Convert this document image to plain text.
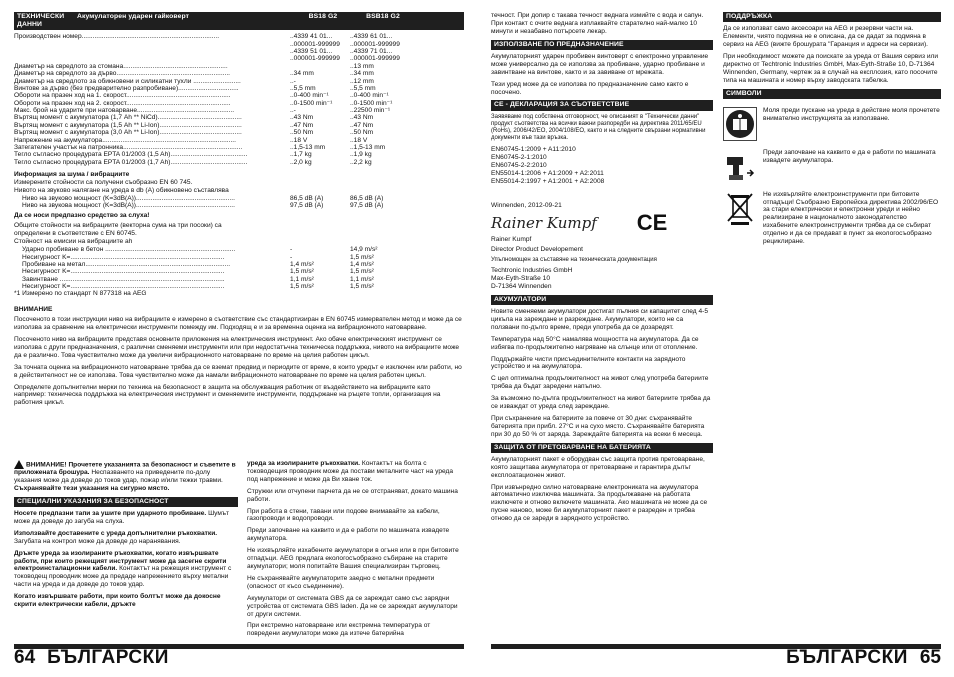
ТЕХНИЧЕСКИ ДАННИ
Акумулаторен ударен гайковерт	BS18 G2	BSB18 G2
Производствен номер...........................................................................	..4339 41 01...	..4339 61 01...
..000001-999999	..000001-999999
..4339 51 01...	..4339 71 01...
..000001-999999	..000001-999999
Диаметър на свредлото за стомана.........................................................	..13 mm
Диаметър на свредлото за дърво..............................................................	..34 mm	..34 mm
Диаметър на свредлото за обикновени и силикатни тухли ..........................	..-	..12 mm
Винтове за дърво (без предварително разпробиване).................................	..5,5 mm	..5,5 mm
Обороти на празен ход на 1. скорост.........................................................	..0-400 min⁻¹	..0-400 min⁻¹
Обороти на празен ход на 2. скорост.........................................................	..0-1500 min⁻¹	..0-1500 min⁻¹
Макс. брой на ударите при натоварване.....................................................	..-	..22500 min⁻¹
Въртящ момент с акумулатора (1,7 Ah ** NiCd)..............................................	..43 Nm	..43 Nm
Въртящ момент с акумулатора (1,5 Ah ** Li-Ion).............................................	..47 Nm	..47 Nm
Въртящ момент с акумулатора (3,0 Ah ** Li-Ion).............................................	..50 Nm	..50 Nm
Напрежение на акумулатора.........................................................................	..18 V	..18 V
Затегателен участък на патронника.................................................................	..1,5-13 mm	..1,5-13 mm
Тегло съгласно процедурата EPTA 01/2003 (1,5 Ah)..........................................	..1,7 kg	..1,9 kg
Тегло съгласно процедурата EPTA 01/2003 (1,7 Ah)..........................................	..2,0 kg	..2,2 kg
Информация за шума / вибрациите
Измерените стойности са получени съобразно EN 60 745.
Нивото на звуково налягане на уреда в db (A) обикновено съставлява
Ниво на звуково мощност (K=3dB(A))......................................................	86,5 dB (A)	86,5 dB (A)
Ниво на звукова мощност (K=3dB(A))......................................................	97,5 dB (A)	97,5 dB (A)
Да се носи предпазно средство за слуха!
Общите стойности на вибрациите (векторна сума на три посоки) са определени в съответствие с EN 60745.
Стойност на емисии на вибрациите ah
Ударно пробиване в бетон .......................................................................	-	14,9 m/s²
Несигурност K=....................................................................................	-	1,5 m/s²
Пробиване на метал...............................................................................	1,4 m/s²	1,4 m/s²
Несигурност K=....................................................................................	1,5 m/s²	1,5 m/s²
Завинтване ..........................................................................................	1,1 m/s²	1,1 m/s²
Несигурност K=....................................................................................	1,5 m/s²	1,5 m/s²
*1 Измерено по стандарт N 877318 на AEG
ВНИМАНИЕ

Посоченото в този инструкции ниво на вибрациите е измерено в съответствие със стандартизиран в EN 60745 измервателен метод и може да се използва за сравнение на електрически инструменти помежду им. Подходящ е и за временна оценка на вибрационното натоварване.

Посоченото ниво на вибрациите представя основните приложения на електрическия инструмент. Ако обаче електрическият инструмент се използва с други предназначения, с различни сменяеми инструменти или при недостатъчна техническа поддръжка, нивото на вибрациите може да е различно. Това чувствително може да увеличи вибрационното натоварване по време на целия работен цикъл.

За точната оценка на вибрационното натоварване трябва да се вземат предвид и периодите от време, в които уредът е изключен или работи, но в действителност не се използва. Това чувствително може да намали вибрационното натоварване по време на целия работен цикъл.

Определете допълнителни мерки по техника на безопасност в защита на обслужващия работник от въздействието на вибрациите като например: техническа поддръжка на електрическия инструмент и сменяемите инструменти, поддържане на ръцете топли, организация на работния цикъл.

ВНИМАНИЕ! Прочетете указанията за безопасност и съветите в приложената брошура. Неспазването на приведените по-долу указания може да доведе до токов удар, пожар и/или тежки травми. Съхранявайте тези указания на сигурно място.

СПЕЦИАЛНИ УКАЗАНИЯ ЗА БЕЗОПАСНОСТ

Носете предпазни тапи за ушите при ударното пробиване. Шумът може да доведе до загуба на слуха.

Използвайте доставените с уреда допълнителни ръкохватки. Загубата на контрол може да доведе до наранявания.

Дръжте уреда за изолираните ръкохватки, когато извършвате работи, при които режещият инструмент може да засегне скрити електроинсталационни кабели. Контактът на режещия инструмент с тоководещ проводник може да предаде напрежението върху метални части на уреда и да доведе до токов удар.

Когато извършвате работи, при които болтът може да докосне скрити електрически кабели, дръжте

уреда за изолираните ръкохватки. Контактът на болта с тоководещия проводник може да постави металните част на уреда под напрежение и може да Ви хване ток.

Стружки или отчупени парчета да не се отстраняват, докато машина работи.

При работа в стени, тавани или подове внимавайте за кабели, газопроводи и водопроводи.

Преди започване на каквито и да е работи по машината извадете акумулатора.

Не изхвърляйте изхабените акумулатори в огъня или в при битовите отпадъци. AEG предлага екологосъобразно събиране на старите акумулатори; моля попитайте Вашия специализиран търговец.

Не съхранявайте акумулаторите заедно с метални предмети (опасност от късо съединение).

Акумулатори от системата GBS да се зареждат само със зарядни устройства от системата GBS laden. Да не се зареждат акумулатори от други системи.

При екстремно натоварване или екстремна температура от повредени акумулатори може да изтече батерийна

течност. При допир с такава течност веднага измийте с вода и сапун. При контакт с очите веднага изплаквайте старателно най-малко 10 минути и незабавно потърсете лекар.

ИЗПОЛЗВАНЕ ПО ПРЕДНАЗНАЧЕНИЕ

Акумулаторният ударен пробивен винтоверт с електронно управление може универсално да се използва за пробиване, ударно пробиване и завинтване на винтове, както и за завиване от мрежата.

Тези уред може да се използва по предназначение само както е посочено.

CE - ДЕКЛАРАЦИЯ ЗА СЪОТВЕТСТВИЕ

Заявяваме под собствена отговорност, че описаният в "Технически данни" продукт съответства на всички важни разпоредби на директива 2011/65/EU (RoHs), 2006/42/EO, 2004/108/EO, както и на следните свързани нормативни документи във тази връзка.

EN60745-1:2009 + A11:2010
EN60745-2-1:2010
EN60745-2-2:2010
EN55014-1:2006 + A1:2009 + A2:2011
EN55014-2:1997 + A1:2001 + A2:2008
Winnenden, 2012-09-21
Rainer Kumpf CE
Rainer Kumpf
Director Product Developement
Упълномощен за съставяне на техническата документация
Techtronic Industries GmbH
Max-Eyth-Straße 10
D-71364 Winnenden
АКУМУЛАТОРИ

Новите сменяеми акумулатори достигат пълния си капацитет след 4-5 цикъла на зареждане и разреждане. Акумулатори, които не са ползвани по-дълго време, преди употреба да се дозаредят.

Температура над 50°C намалява мощността на акумулатора. Да се избягва по-продължително нагряване на слънце или от отопление.

Поддържайте чисти присъединителните контакти на зарядното устройство и на акумулатора.

С цел оптимална продължителност на живот след употреба батериите трябва да бъдат заредени напълно.

За възможно по-дълга продължителност на живот батериите трябва да се изваждат от уреда след зареждане.

При съхранение на батериите за повече от 30 дни: съхранявайте батерията при прибл. 27°C и на сухо място. Съхранявайте батерията при 30 до 50 % от заряда. Зареждайте батерията на всеки 6 месеца.

ЗАЩИТА ОТ ПРЕТОВАРВАНЕ НА БАТЕРИЯТА

Акумулаторният пакет е оборудван със защита против претоварване, която защитава акумулатора от претоварване и гарантира дълъг експлоатационен живот.

При извънредно силно натоварване електрониката на акумулатора автоматично изключва машината. За продължаване на работата изключете и отново включете машината. Ако машината не може да се пусне наново, може би акумулаторният пакет е разреден и трябва отново да се зареди в зарядното устройство.

ПОДДРЪЖКА

Да се използват само аксесоари на AEG и резервни части на. Елементи, чиято подмяна не е описана, да се дадат за подмяна в сервиз на AEG (вижте брошурата "Гаранция и адреси на сервизи).

При необходимост можете да поискате за уреда от Вашия сервиз или директно от Techtronic Industries GmbH, Max-Eyth-Straße 10, D-71364 Winnenden, Germany, чертеж за в случай на експлозия, като посочите типа на машината и номер върху заводската табелка.

СИМВОЛИ
Моля преди пускане на уреда в действие моля прочетете внимателно инструкцията за използване.
Преди започване на каквито е да е работи по машината извадете акумулатора.
Не изхвърляйте електроинструменти при битовите отпадъци! Съобразно Европейска директива 2002/96/EO за стари електрически и електронни уреди и нейно реализиране в националното законодателство изхабените електроинструменти трябва да се събират отделно и да се предават в пункт за екологосъобразно рециклиране.
64 БЪЛГАРСКИ	БЪЛГАРСКИ 65
